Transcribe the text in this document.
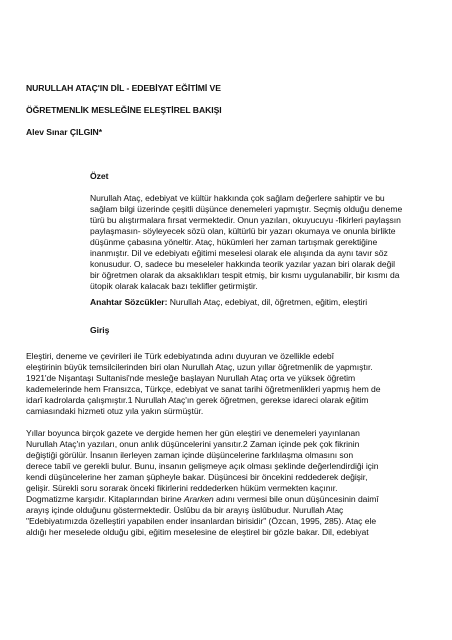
NURULLAH ATAÇ'IN DİL - EDEBİYAT EĞİTİMİ VE

ÖĞRETMENLİK MESLEĞİNE ELEŞTİREL BAKIŞI

Alev Sınar ÇILGIN*

Özet

Nurullah Ataç, edebiyat ve kültür hakkında çok sağlam değerlere sahiptir ve bu

sağlam bilgi üzerinde çeşitli düşünce denemeleri yapmıştır. Seçmiş olduğu deneme

türü bu alıştırmalara fırsat vermektedir. Onun yazıları, okuyucuyu -fikirleri paylaşsın

paylaşmasın- söyleyecek sözü olan, kültürlü bir yazarı okumaya ve onunla birlikte

düşünme çabasına yöneltir. Ataç, hükümleri her zaman tartışmak gerektiğine

inanmıştır. Dil ve edebiyatı eğitimi meselesi olarak ele alışında da aynı tavır söz

konusudur. O, sadece bu meseleler hakkında teorik yazılar yazan biri olarak değil

bir öğretmen olarak da aksaklıkları tespit etmiş, bir kısmı uygulanabilir, bir kısmı da

ütopik olarak kalacak bazı teklifler getirmiştir.

Anahtar Sözcükler: Nurullah Ataç, edebiyat, dil, öğretmen, eğitim, eleştiri

Giriş

Eleştiri, deneme ve çevirileri ile Türk edebiyatında adını duyuran ve özellikle edebî

eleştirinin büyük temsilcilerinden biri olan Nurullah Ataç, uzun yıllar öğretmenlik de yapmıştır.

1921'de Nişantaşı Sultanisi'nde mesleğe başlayan Nurullah Ataç orta ve yüksek öğretim

kademelerinde hem Fransızca, Türkçe, edebiyat ve sanat tarihi öğretmenlikleri yapmış hem de

idarî kadrolarda çalışmıştır.1 Nurullah Ataç'ın gerek öğretmen, gerekse idareci olarak eğitim

camiasındaki hizmeti otuz yıla yakın sürmüştür.

Yıllar boyunca birçok gazete ve dergide hemen her gün eleştiri ve denemeleri yayınlanan

Nurullah Ataç'ın yazıları, onun anlık düşüncelerini yansıtır.2 Zaman içinde pek çok fikrinin

değiştiği görülür. İnsanın ilerleyen zaman içinde düşüncelerine farklılaşma olmasını son

derece tabiî ve gerekli bulur. Bunu, insanın gelişmeye açık olması şeklinde değerlendirdiği için

kendi düşüncelerine her zaman şüpheyle bakar. Düşüncesi bir öncekini reddederek değişir,

gelişir. Sürekli soru sorarak önceki fikirlerini reddederken hüküm vermekten kaçınır.

Dogmatizme karşıdır. Kitaplarından birine Ararken adını vermesi bile onun düşüncesinin daimî

arayış içinde olduğunu göstermektedir. Üslûbu da bir arayış üslûbudur. Nurullah Ataç

"Edebiyatımızda özelleştiri yapabilen ender insanlardan birisidir" (Özcan, 1995, 285). Ataç ele

aldığı her meselede olduğu gibi, eğitim meselesine de eleştirel bir gözle bakar. Dil, edebiyat
